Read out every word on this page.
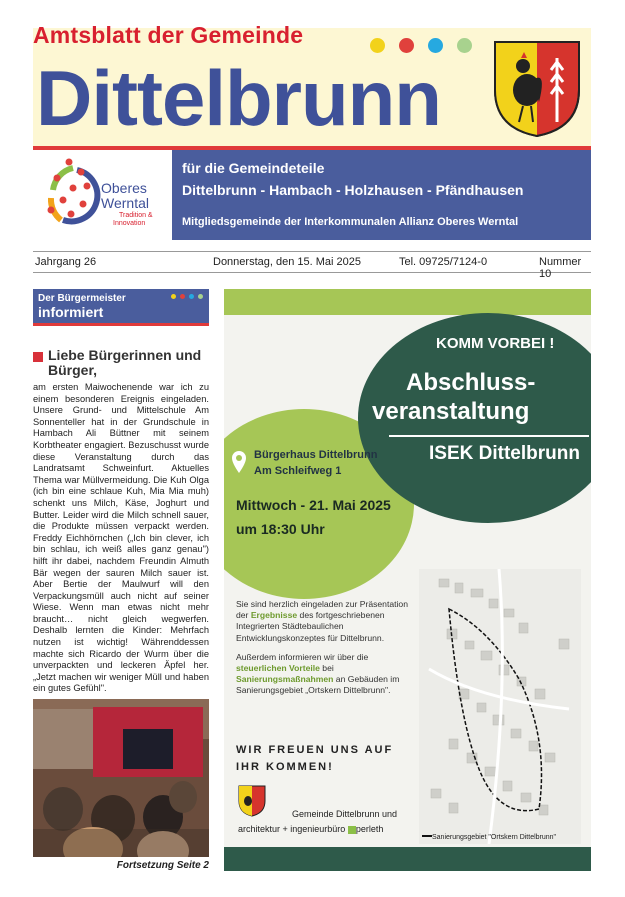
Amtsblatt der Gemeinde
Dittelbrunn
Oberes
Werntal
Tradition &
Innovation
für die Gemeindeteile
Dittelbrunn - Hambach - Holzhausen - Pfändhausen
Mitgliedsgemeinde der Interkommunalen Allianz Oberes Werntal
Jahrgang 26	Donnerstag, den 15. Mai 2025	Tel. 09725/7124-0	Nummer 10
Der Bürgermeister
informiert
Liebe Bürgerinnen und Bürger,
am ersten Maiwochenende war ich zu einem besonderen Ereignis eingeladen. Unsere Grund- und Mittelschule Am Sonnenteller hat in der Grundschule in Hambach Ali Büttner mit seinem Korbtheater engagiert. Bezuschusst wurde diese Veranstaltung durch das Landratsamt Schweinfurt. Aktuelles Thema war Müllvermeidung. Die Kuh Olga (ich bin eine schlaue Kuh, Mia Mia muh) schenkt uns Milch, Käse, Joghurt und Butter. Leider wird die Milch schnell sauer, die Produkte müssen verpackt werden. Freddy Eichhörnchen („Ich bin clever, ich bin schlau, ich weiß alles ganz genau") hilft ihr dabei, nachdem Freundin Almuth Bär wegen der sauren Milch sauer ist. Aber Bertie der Maulwurf will den Verpackungsmüll auch nicht auf seiner Wiese. Wenn man etwas nicht mehr braucht… nicht gleich wegwerfen. Deshalb lernten die Kinder: Mehrfach nutzen ist wichtig! Währenddessen machte sich Ricardo der Wurm über die unverpackten und leckeren Äpfel her. „Jetzt machen wir weniger Müll und haben ein gutes Gefühl".
Fortsetzung Seite 2
KOMM VORBEI !
Abschluss-
veranstaltung
ISEK Dittelbrunn
Bürgerhaus Dittelbrunn
Am Schleifweg 1
Mittwoch - 21. Mai 2025
um 18:30 Uhr
Sie sind herzlich eingeladen zur Präsentation der Ergebnisse des fortgeschriebenen Integrierten Städtebaulichen Entwicklungskonzeptes für Dittelbrunn.
Außerdem informieren wir über die steuerlichen Vorteile bei Sanierungsmaßnahmen an Gebäuden im Sanierungsgebiet „Ortskern Dittelbrunn".
WIR FREUEN UNS AUF
IHR KOMMEN!
Gemeinde Dittelbrunn und
architektur + ingenieurbüro perleth
Sanierungsgebiet "Ortskern Dittelbrunn"
